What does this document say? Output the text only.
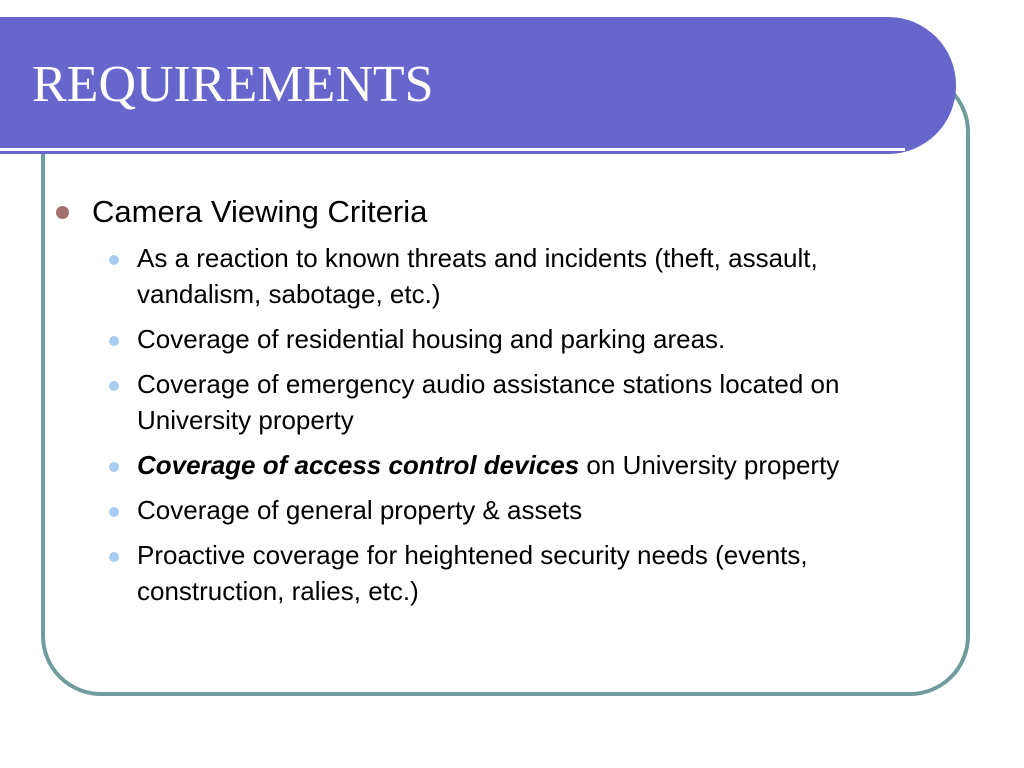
REQUIREMENTS
Camera Viewing Criteria
As a reaction to known threats and incidents (theft, assault, vandalism, sabotage, etc.)
Coverage of residential housing and parking areas.
Coverage of emergency audio assistance stations located on University property
Coverage of access control devices on University property
Coverage of general property & assets
Proactive coverage for heightened security needs (events, construction, ralies, etc.)
